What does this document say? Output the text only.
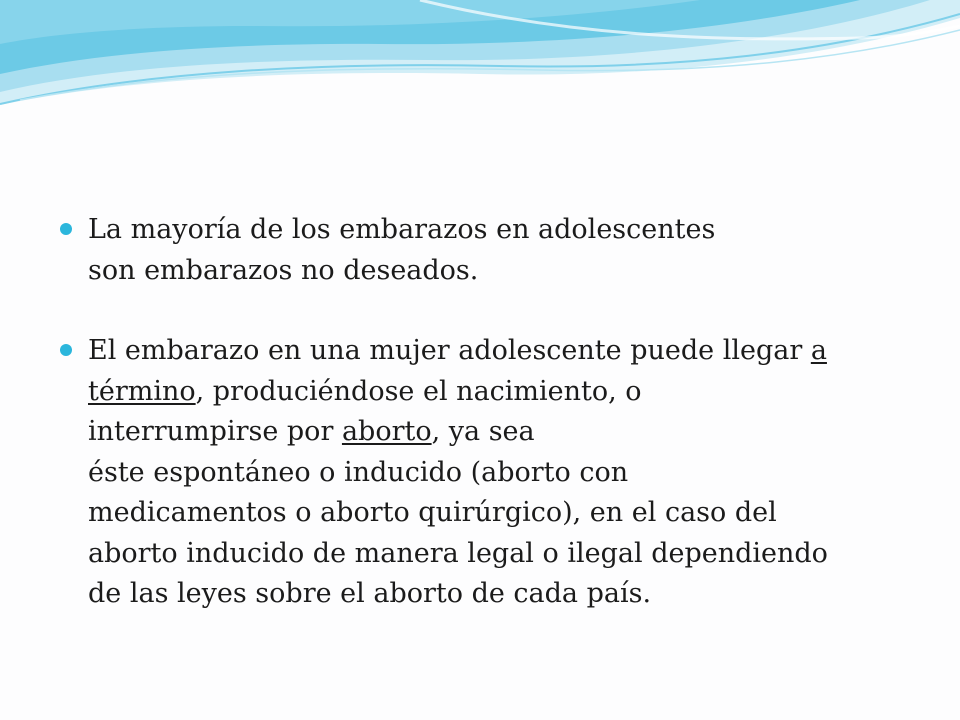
La mayoría de los embarazos en adolescentes
son embarazos no deseados.
El embarazo en una mujer adolescente puede llegar a
término, produciéndose el nacimiento, o
interrumpirse por aborto, ya sea
éste espontáneo o inducido (aborto con
medicamentos o aborto quirúrgico), en el caso del
aborto inducido de manera legal o ilegal dependiendo
de las leyes sobre el aborto de cada país.
